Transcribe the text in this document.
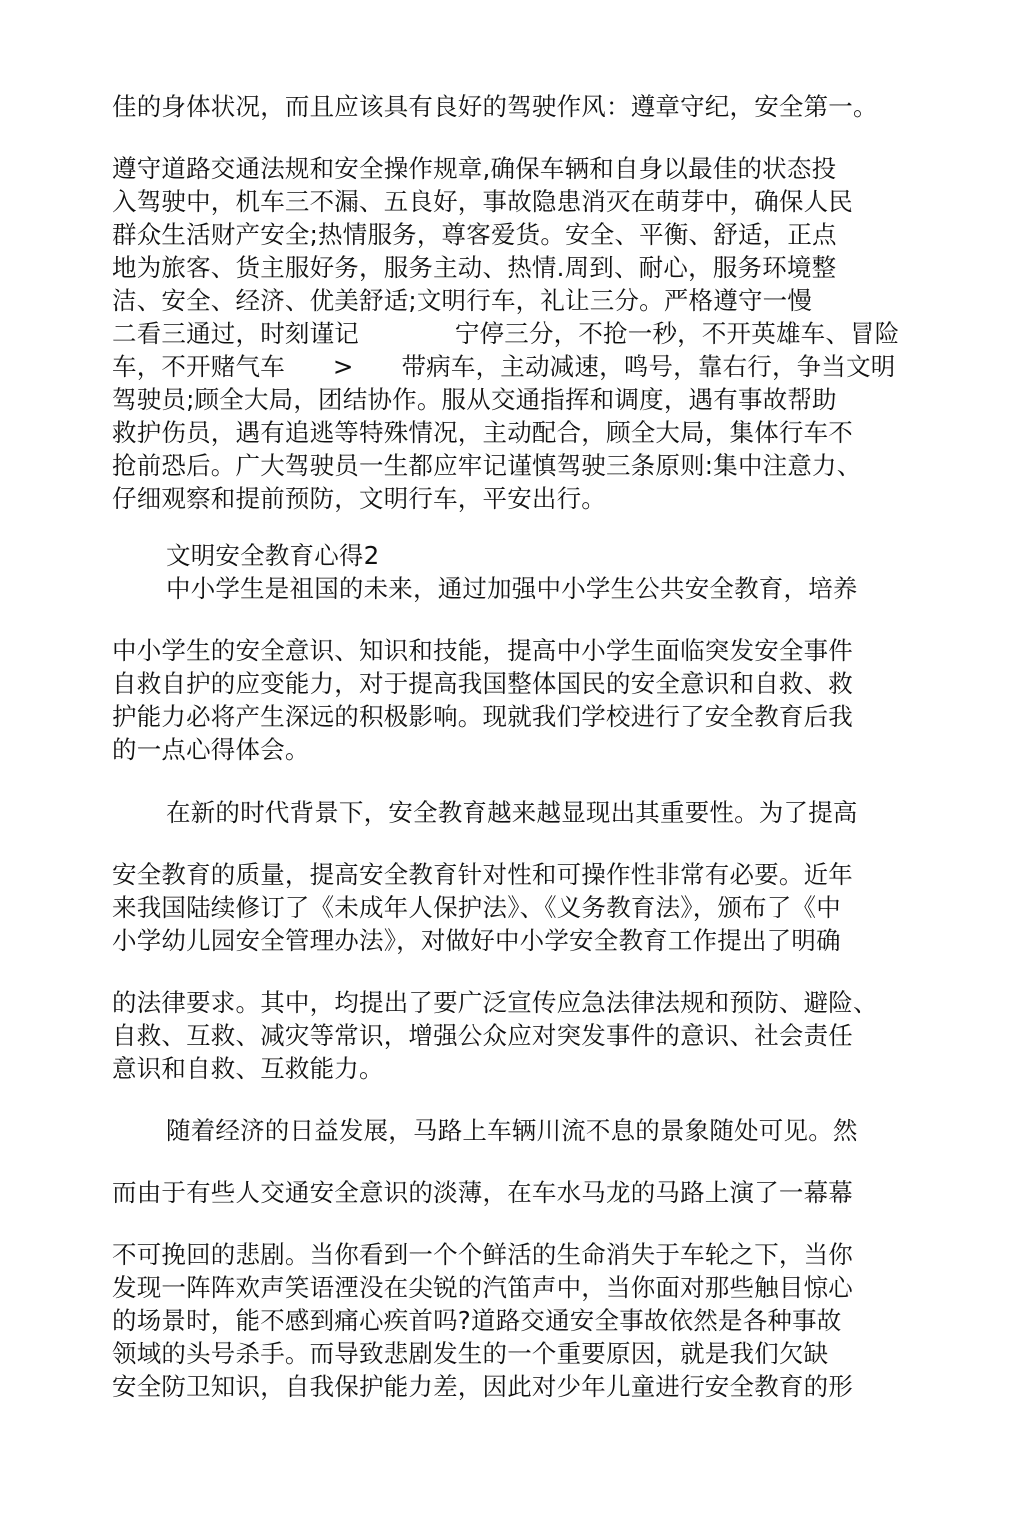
佳的身体状况，而且应该具有良好的驾驶作风：遵章守纪，安全第一。
遵守道路交通法规和安全操作规章,确保车辆和自身以最佳的状态投
入驾驶中，机车三不漏、五良好，事故隐患消灭在萌芽中，确保人民
群众生活财产安全;热情服务，尊客爱货。安全、平衡、舒适，正点
地为旅客、货主服好务，服务主动、热情.周到、耐心，服务环境整
洁、安全、经济、优美舒适;文明行车，礼让三分。严格遵守一慢
二看三通过，时刻谨记            宁停三分，不抢一秒，不开英雄车、冒险
车，不开赌气车      >      带病车，主动减速，鸣号，靠右行，争当文明
驾驶员;顾全大局，团结协作。服从交通指挥和调度，遇有事故帮助
救护伤员，遇有追逃等特殊情况，主动配合，顾全大局，集体行车不
抢前恐后。广大驾驶员一生都应牢记谨慎驾驶三条原则:集中注意力、
仔细观察和提前预防，文明行车，平安出行。
文明安全教育心得2
中小学生是祖国的未来，通过加强中小学生公共安全教育，培养
中小学生的安全意识、知识和技能，提高中小学生面临突发安全事件
自救自护的应变能力，对于提高我国整体国民的安全意识和自救、救
护能力必将产生深远的积极影响。现就我们学校进行了安全教育后我
的一点心得体会。
在新的时代背景下，安全教育越来越显现出其重要性。为了提高
安全教育的质量，提高安全教育针对性和可操作性非常有必要。近年
来我国陆续修订了《未成年人保护法》、《义务教育法》，颁布了《中
小学幼儿园安全管理办法》，对做好中小学安全教育工作提出了明确
的法律要求。其中，均提出了要广泛宣传应急法律法规和预防、避险、
自救、互救、减灾等常识，增强公众应对突发事件的意识、社会责任
意识和自救、互救能力。
随着经济的日益发展，马路上车辆川流不息的景象随处可见。然
而由于有些人交通安全意识的淡薄，在车水马龙的马路上演了一幕幕
不可挽回的悲剧。当你看到一个个鲜活的生命消失于车轮之下，当你
发现一阵阵欢声笑语湮没在尖锐的汽笛声中，当你面对那些触目惊心
的场景时，能不感到痛心疾首吗?道路交通安全事故依然是各种事故
领域的头号杀手。而导致悲剧发生的一个重要原因，就是我们欠缺
安全防卫知识，自我保护能力差，因此对少年儿童进行安全教育的形
